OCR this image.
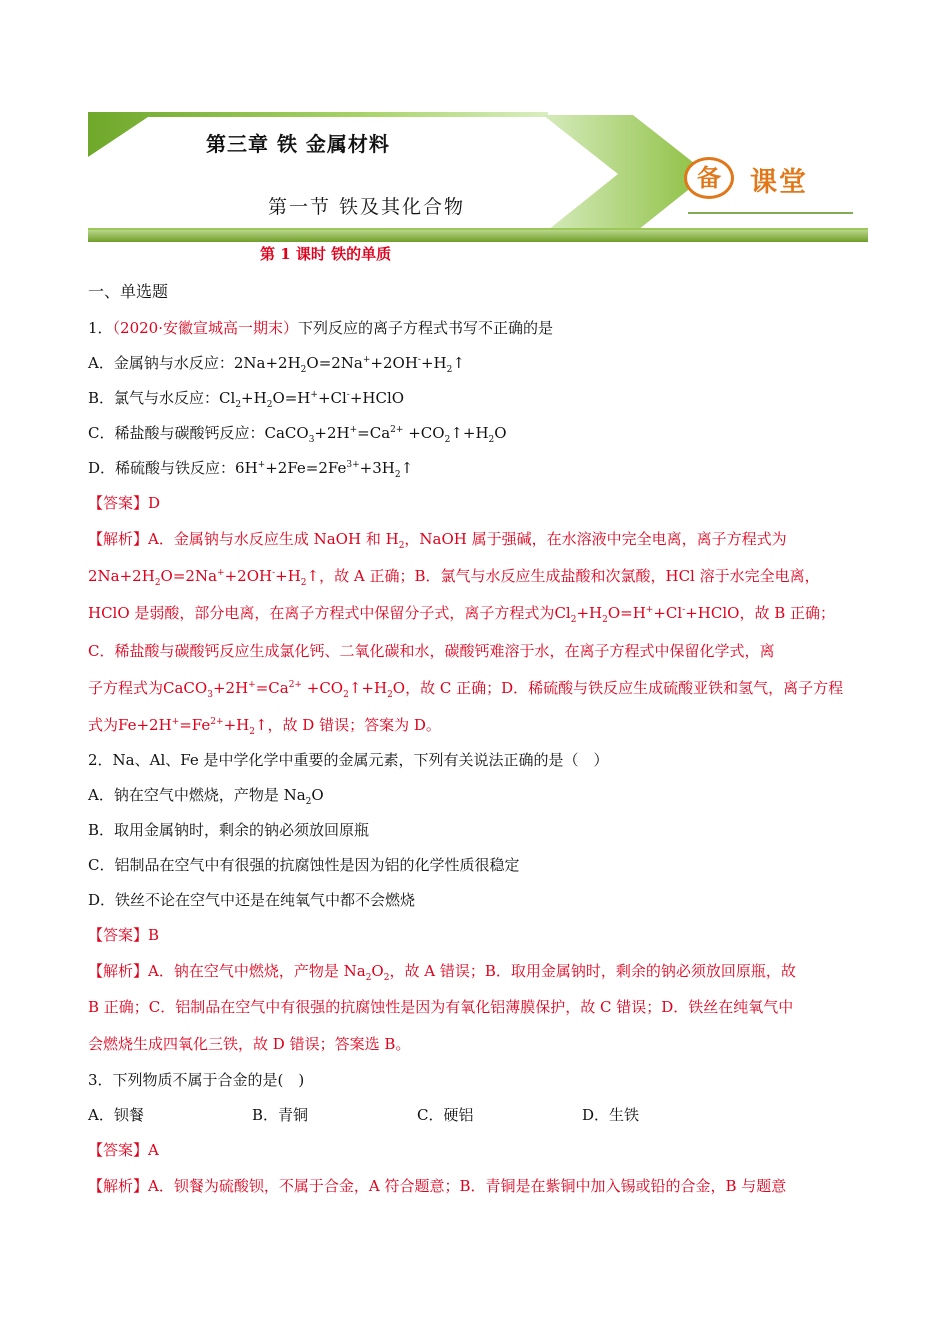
第三章 铁 金属材料
第一节 铁及其化合物
备	课堂
第 1 课时 铁的单质
一、单选题
1．（2020·安徽宣城高一期末）下列反应的离子方程式书写不正确的是
A．金属钠与水反应：$2Na+2H_2O=2Na^++2OH^-+H_2↑$
B．氯气与水反应：$Cl_2+H_2O=H^++Cl^-+HClO$
C．稀盐酸与碳酸钙反应：$CaCO_3+2H^+=Ca^{2+}$ $+CO_2↑+H_2O$
D．稀硫酸与铁反应：$6H^++2Fe=2Fe^{3+}+3H_2↑$
【答案】D
【解析】A．金属钠与水反应生成 NaOH 和 $H_2$，NaOH 属于强碱，在水溶液中完全电离，离子方程式为
$2Na+2H_2O=2Na^++2OH^-+H_2↑$，故 A 正确；B．氯气与水反应生成盐酸和次氯酸，HCl 溶于水完全电离，
HClO 是弱酸，部分电离，在离子方程式中保留分子式，离子方程式为$Cl_2+H_2O=H^++Cl^-+HClO$，故 B 正确；
C．稀盐酸与碳酸钙反应生成氯化钙、二氧化碳和水，碳酸钙难溶于水，在离子方程式中保留化学式，离
子方程式为$CaCO_3+2H^+=Ca^{2+}$ $+CO_2↑+H_2O$，故 C 正确；D．稀硫酸与铁反应生成硫酸亚铁和氢气，离子方程
式为$Fe+2H^+=Fe^{2+}+H_2↑$，故 D 错误；答案为 D。
2．Na、Al、Fe 是中学化学中重要的金属元素，下列有关说法正确的是（　）
A．钠在空气中燃烧，产物是 $Na_2O$
B．取用金属钠时，剩余的钠必须放回原瓶
C．铝制品在空气中有很强的抗腐蚀性是因为铝的化学性质很稳定
D．铁丝不论在空气中还是在纯氧气中都不会燃烧
【答案】B
【解析】A．钠在空气中燃烧，产物是 $Na_2O_2$，故 A 错误；B．取用金属钠时，剩余的钠必须放回原瓶，故
B 正确；C．铝制品在空气中有很强的抗腐蚀性是因为有氧化铝薄膜保护，故 C 错误；D．铁丝在纯氧气中
会燃烧生成四氧化三铁，故 D 错误；答案选 B。
3．下列物质不属于合金的是(　)
A．钡餐	B．青铜	C．硬铝	D．生铁
【答案】A
【解析】A．钡餐为硫酸钡，不属于合金，A 符合题意；B．青铜是在紫铜中加入锡或铅的合金，B 与题意
